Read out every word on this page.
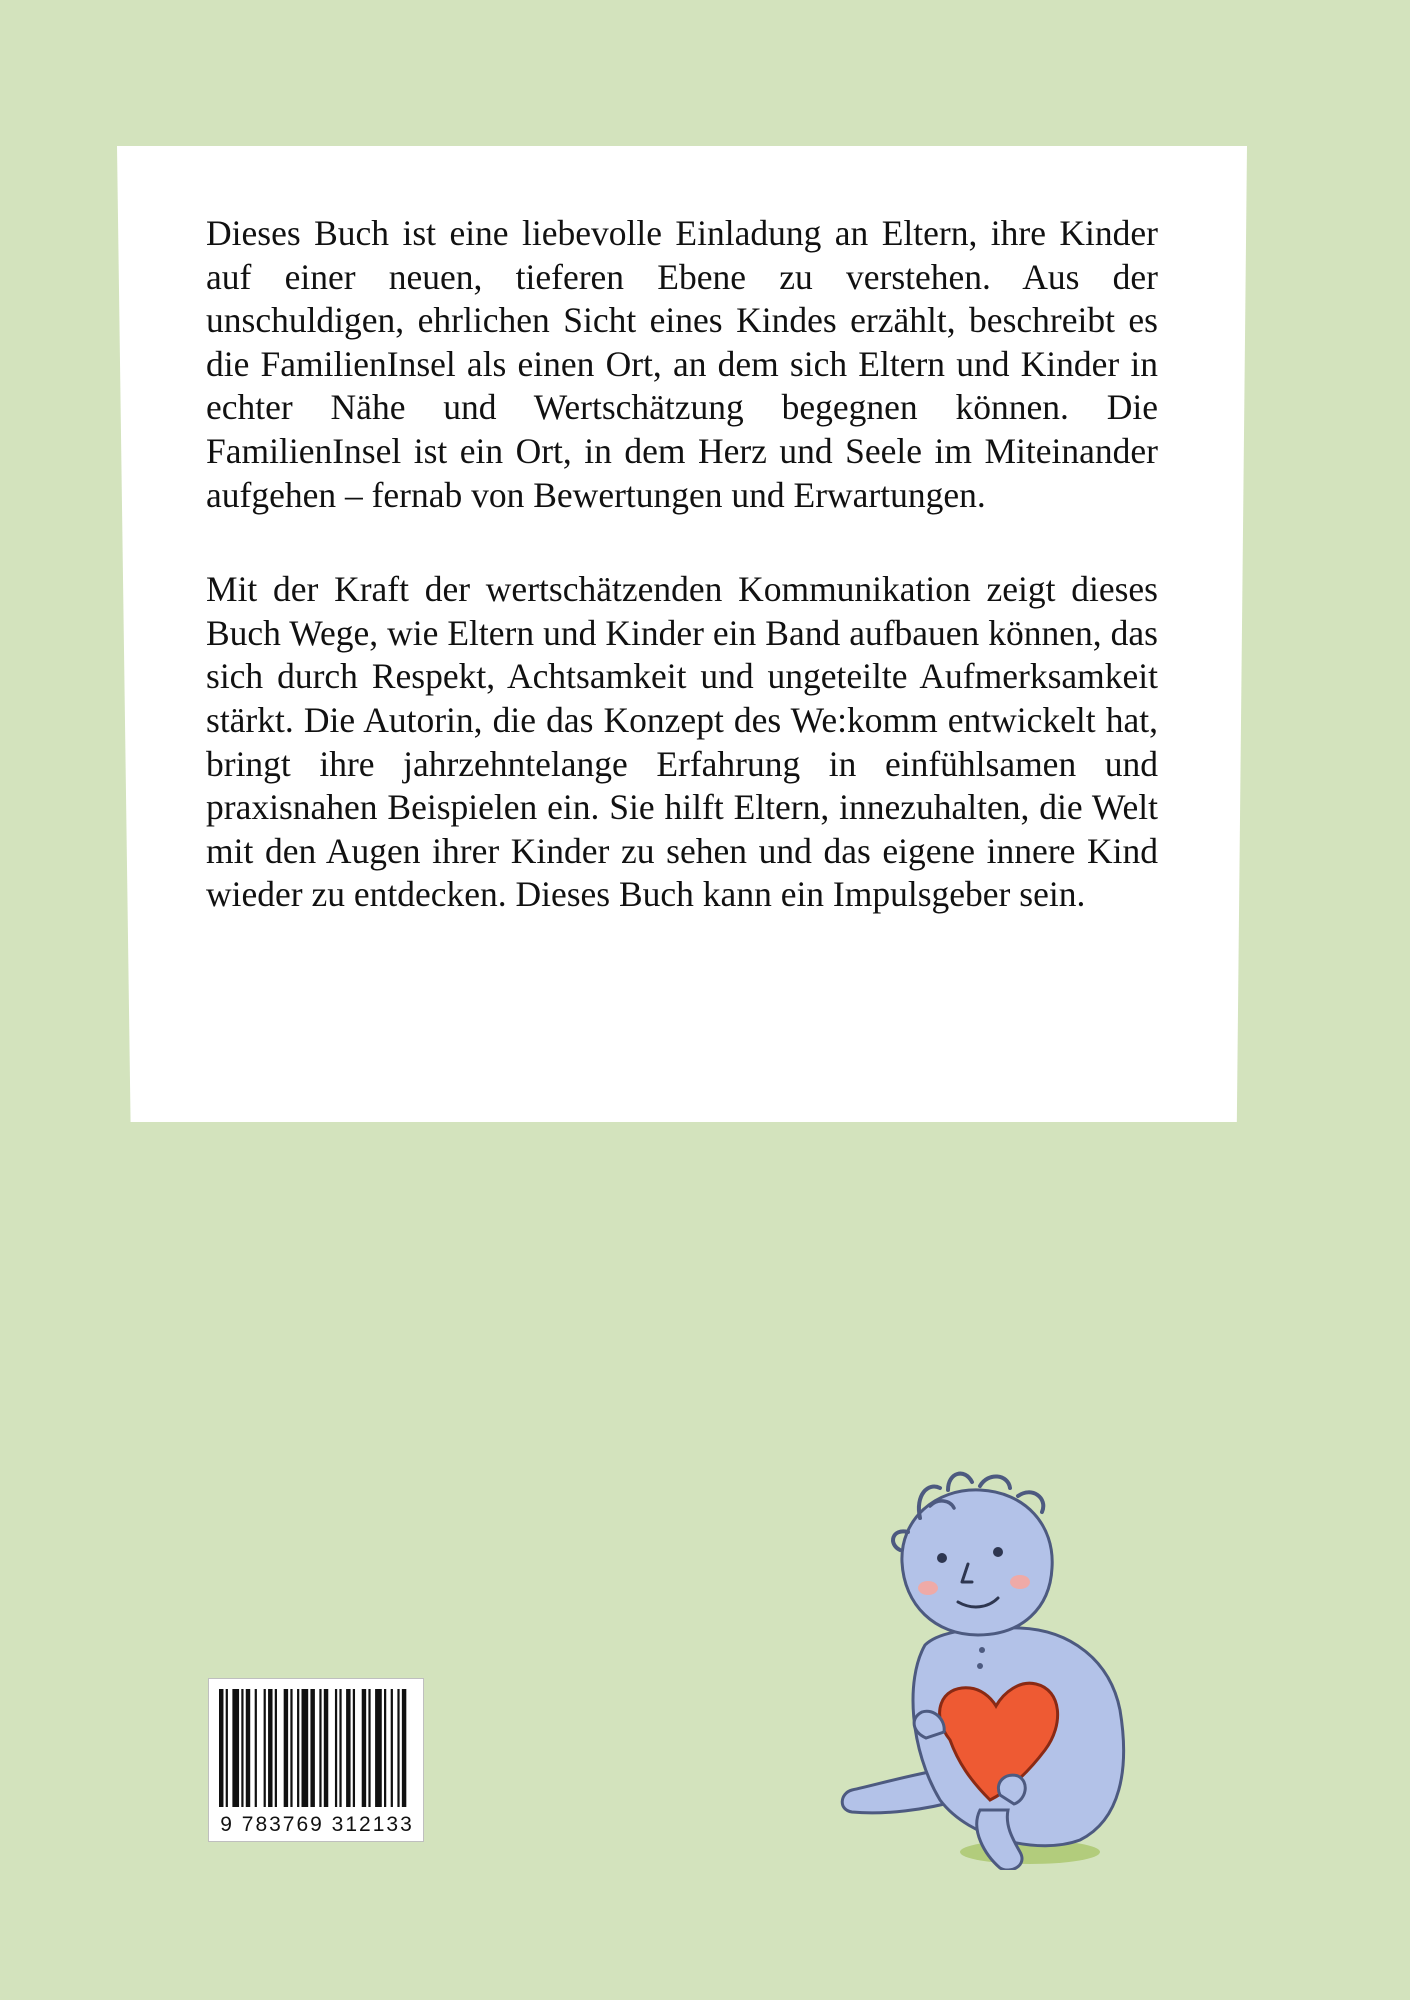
Dieses Buch ist eine liebevolle Einladung an Eltern, ihre Kinder auf einer neuen, tieferen Ebene zu verstehen. Aus der unschuldigen, ehrlichen Sicht eines Kindes erzählt, beschreibt es die FamilienInsel als einen Ort, an dem sich Eltern und Kinder in echter Nähe und Wertschätzung begegnen können. Die FamilienInsel ist ein Ort, in dem Herz und Seele im Miteinander aufgehen – fernab von Bewertungen und Erwartungen.

Mit der Kraft der wertschätzenden Kommunikation zeigt dieses Buch Wege, wie Eltern und Kinder ein Band aufbauen können, das sich durch Respekt, Achtsamkeit und ungeteilte Aufmerksamkeit stärkt. Die Autorin, die das Konzept des We:komm entwickelt hat, bringt ihre jahrzehntelange Erfahrung in einfühlsamen und praxisnahen Beispielen ein. Sie hilft Eltern, innezuhalten, die Welt mit den Augen ihrer Kinder zu sehen und das eigene innere Kind wieder zu entdecken. Dieses Buch kann ein Impulsgeber sein.

9 783769 312133
